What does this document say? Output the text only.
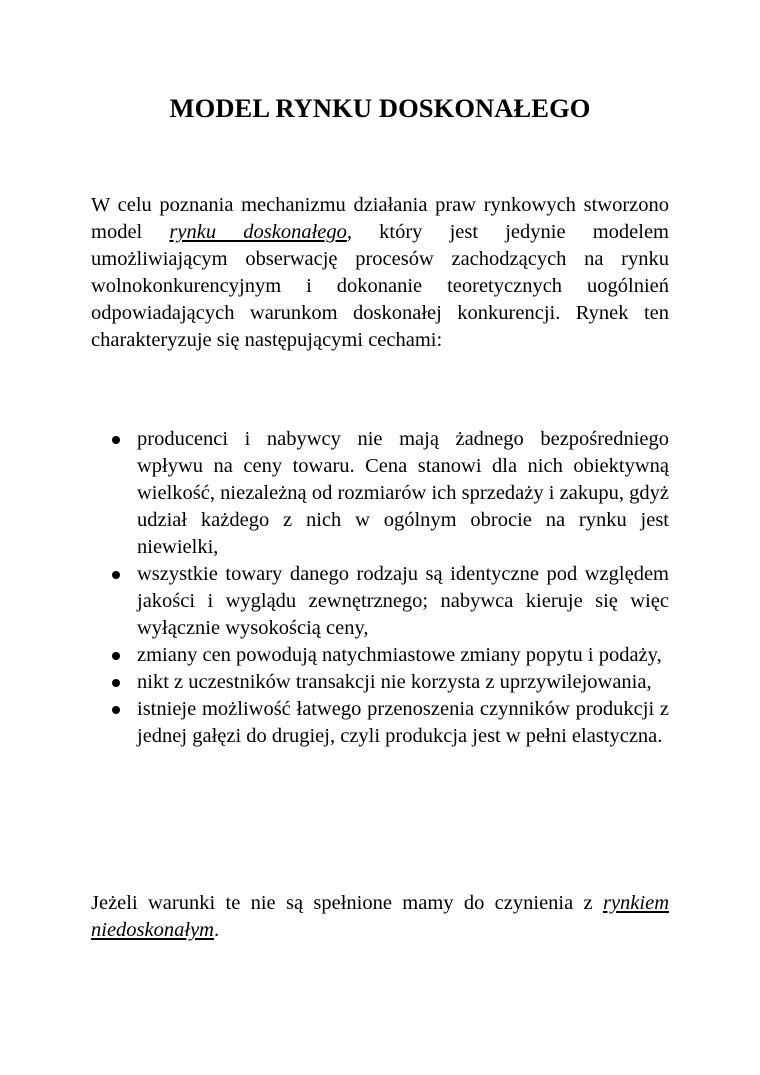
MODEL RYNKU DOSKONAŁEGO

W celu poznania mechanizmu działania praw rynkowych stworzono model rynku doskonałego, który jest jedynie modelem umożliwiającym obserwację procesów zachodzących na rynku wolnokonkurencyjnym i dokonanie teoretycznych uogólnień odpowiadających warunkom doskonałej konkurencji. Rynek ten charakteryzuje się następującymi cechami:

producenci i nabywcy nie mają żadnego bezpośredniego wpływu na ceny towaru. Cena stanowi dla nich obiektywną wielkość, niezależną od rozmiarów ich sprzedaży i zakupu, gdyż udział każdego z nich w ogólnym obrocie na rynku jest niewielki,
wszystkie towary danego rodzaju są identyczne pod względem jakości i wyglądu zewnętrznego; nabywca kieruje się więc wyłącznie wysokością ceny,
zmiany cen powodują natychmiastowe zmiany popytu i podaży,
nikt z uczestników transakcji nie korzysta z uprzywilejowania,
istnieje możliwość łatwego przenoszenia czynników produkcji z jednej gałęzi do drugiej, czyli produkcja jest w pełni elastyczna.

Jeżeli warunki te nie są spełnione mamy do czynienia z rynkiem niedoskonałym.
